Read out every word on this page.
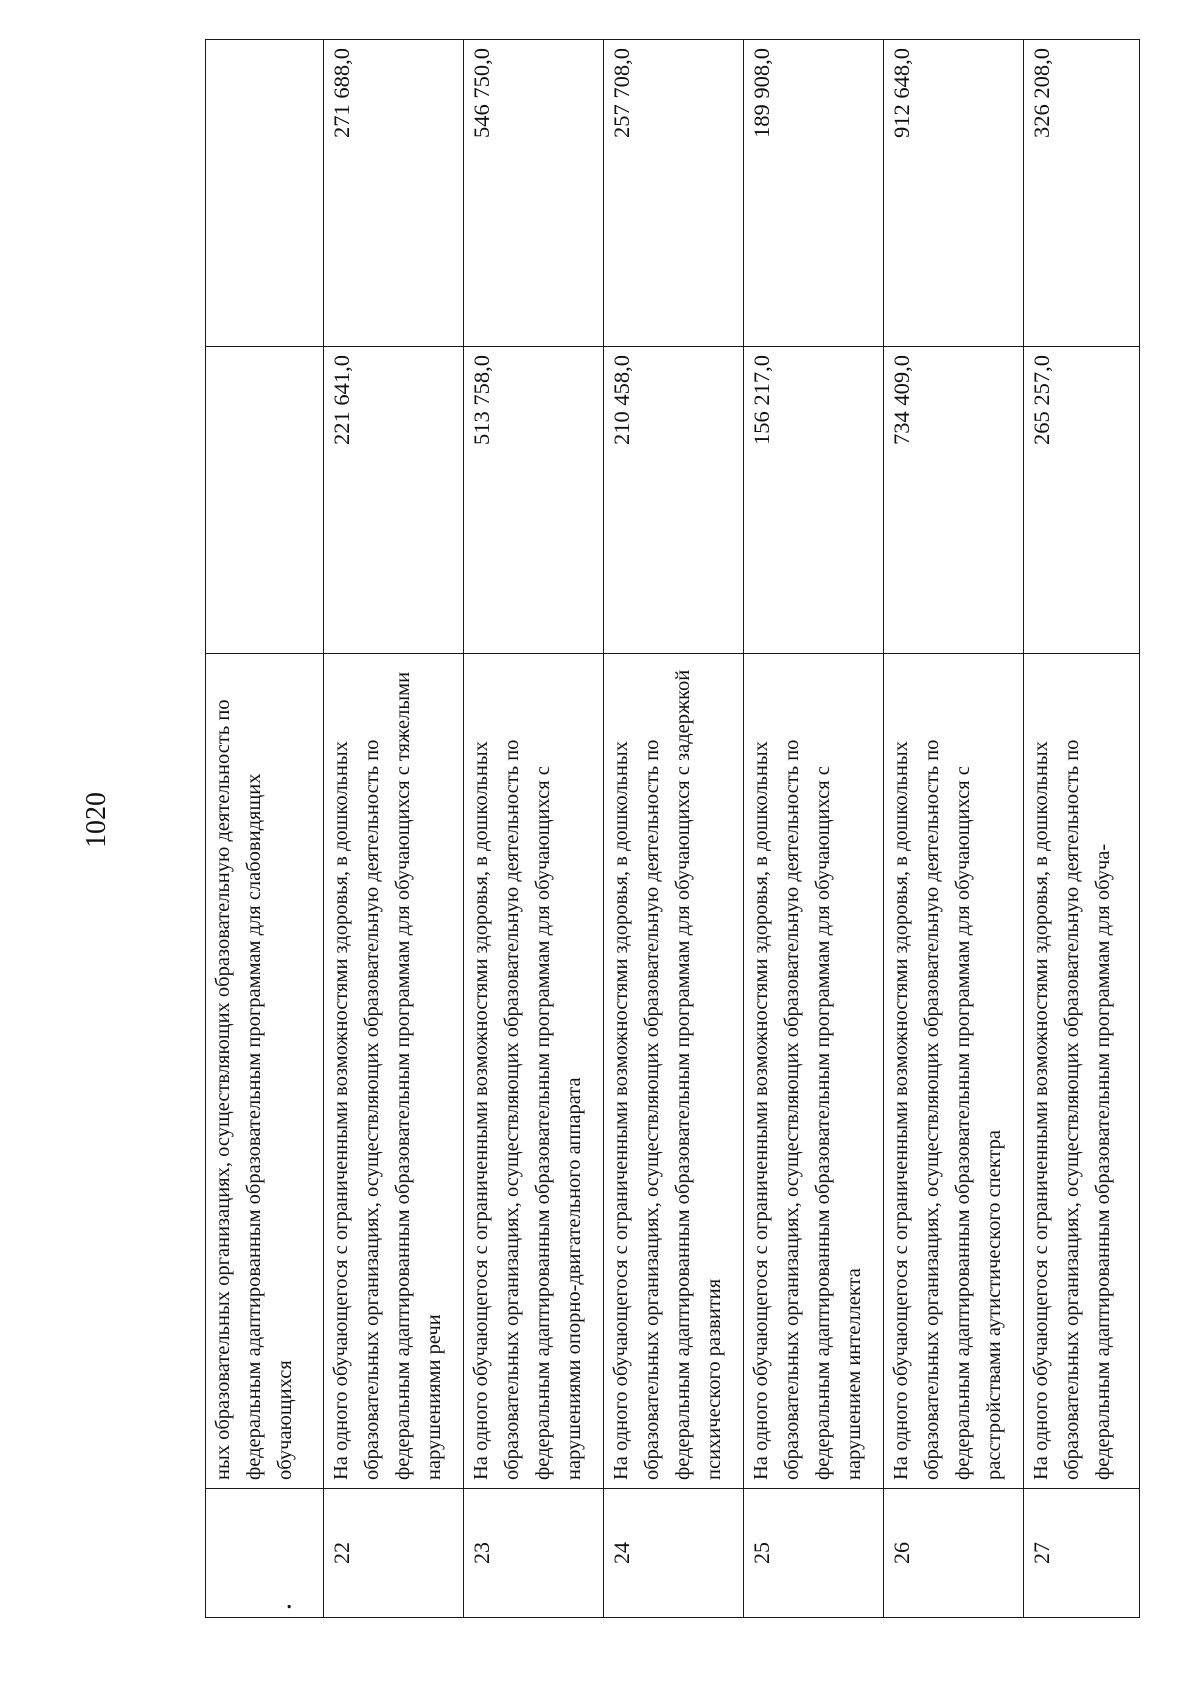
1020
•	ных образовательных организациях, осуществляющих образовательную деятельность по федеральным адаптированным образовательным программам для слабовидящих обучающихся		
22	На одного обучающегося с ограниченными возможностями здоровья, в дошкольных образовательных организациях, осуществляющих образовательную деятельность по федеральным адаптированным образовательным программам для обучающихся с тяжелыми нарушениями речи	221 641,0	271 688,0
23	На одного обучающегося с ограниченными возможностями здоровья, в дошкольных образовательных организациях, осуществляющих образовательную деятельность по федеральным адаптированным образовательным программам для обучающихся с нарушениями опорно-двигательного аппарата	513 758,0	546 750,0
24	На одного обучающегося с ограниченными возможностями здоровья, в дошкольных образовательных организациях, осуществляющих образовательную деятельность по федеральным адаптированным образовательным программам для обучающихся с задержкой психического развития	210 458,0	257 708,0
25	На одного обучающегося с ограниченными возможностями здоровья, в дошкольных образовательных организациях, осуществляющих образовательную деятельность по федеральным адаптированным образовательным программам для обучающихся с нарушением интеллекта	156 217,0	189 908,0
26	На одного обучающегося с ограниченными возможностями здоровья, в дошкольных образовательных организациях, осуществляющих образовательную деятельность по федеральным адаптированным образовательным программам для обучающихся с расстройствами аутистического спектра	734 409,0	912 648,0
27	На одного обучающегося с ограниченными возможностями здоровья, в дошкольных образовательных организациях, осуществляющих образовательную деятельность по федеральным адаптированным образовательным программам для обуча-	265 257,0	326 208,0
